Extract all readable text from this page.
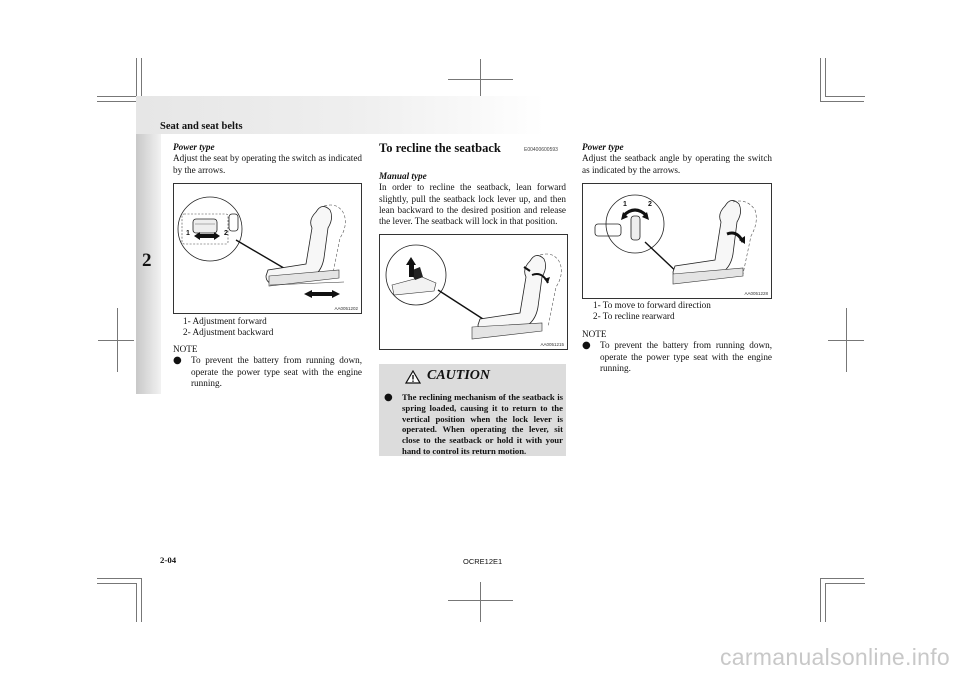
Seat and seat belts
2
Power type
Adjust the seat by operating the switch as indicated by the arrows.
1	2
AA0051202
1- Adjustment forward
2- Adjustment backward
NOTE
●	To prevent the battery from running down, operate the power type seat with the engine running.
To recline the seatback	E00400600593
Manual type
In order to recline the seatback, lean forward slightly, pull the seatback lock lever up, and then lean backward to the desired position and release the lever. The seatback will lock in that position.
AA0051215
CAUTION
●	The reclining mechanism of the seatback is spring loaded, causing it to return to the vertical position when the lock lever is operated. When operating the lever, sit close to the seatback or hold it with your hand to control its return motion.
Power type
Adjust the seatback angle by operating the switch as indicated by the arrows.
1	2
AA0051228
1- To move to forward direction
2- To recline rearward
NOTE
●	To prevent the battery from running down, operate the power type seat with the engine running.
2-04	OCRE12E1
carmanualsonline.info
